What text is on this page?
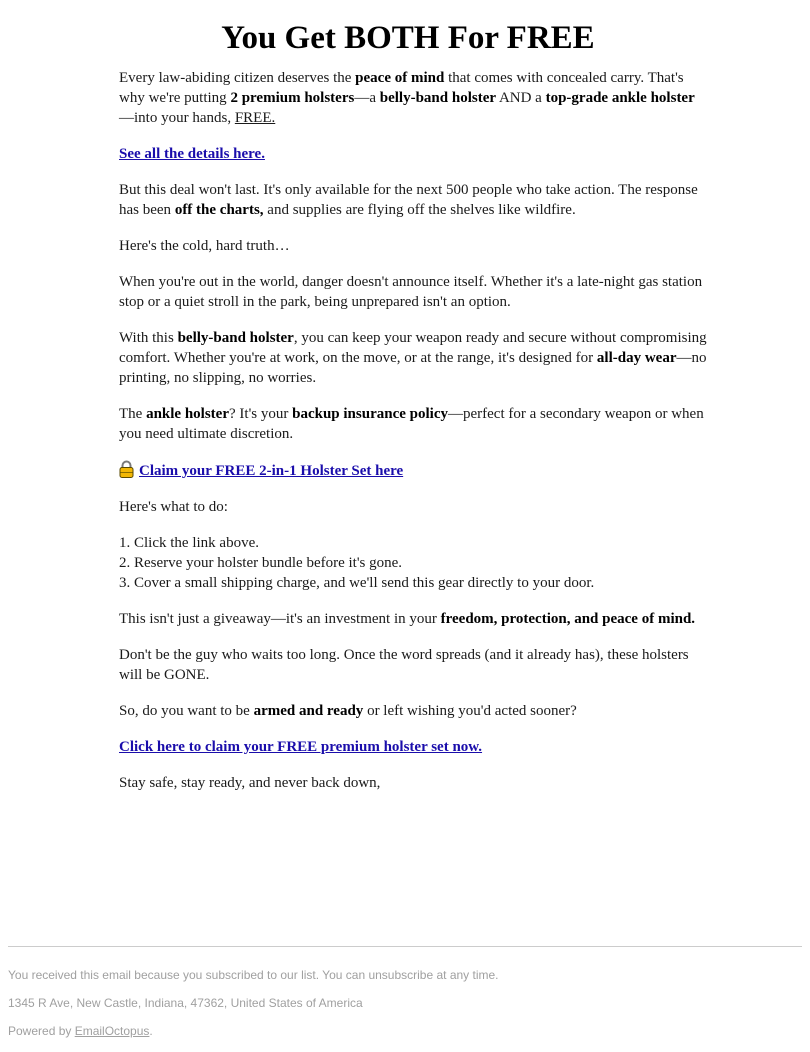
You Get BOTH For FREE

Every law-abiding citizen deserves the peace of mind that comes with concealed carry. That's why we're putting 2 premium holsters—a belly-band holster AND a top-grade ankle holster—into your hands, FREE.

See all the details here.

But this deal won't last. It's only available for the next 500 people who take action. The response has been off the charts, and supplies are flying off the shelves like wildfire.

Here's the cold, hard truth…

When you're out in the world, danger doesn't announce itself. Whether it's a late-night gas station stop or a quiet stroll in the park, being unprepared isn't an option.

With this belly-band holster, you can keep your weapon ready and secure without compromising comfort. Whether you're at work, on the move, or at the range, it's designed for all-day wear—no printing, no slipping, no worries.

The ankle holster? It's your backup insurance policy—perfect for a secondary weapon or when you need ultimate discretion.

Claim your FREE 2-in-1 Holster Set here

Here's what to do:

1. Click the link above.
2. Reserve your holster bundle before it's gone.
3. Cover a small shipping charge, and we'll send this gear directly to your door.

This isn't just a giveaway—it's an investment in your freedom, protection, and peace of mind.

Don't be the guy who waits too long. Once the word spreads (and it already has), these holsters will be GONE.

So, do you want to be armed and ready or left wishing you'd acted sooner?

Click here to claim your FREE premium holster set now.

Stay safe, stay ready, and never back down,

You received this email because you subscribed to our list. You can unsubscribe at any time.

1345 R Ave, New Castle, Indiana, 47362, United States of America

Powered by EmailOctopus.
